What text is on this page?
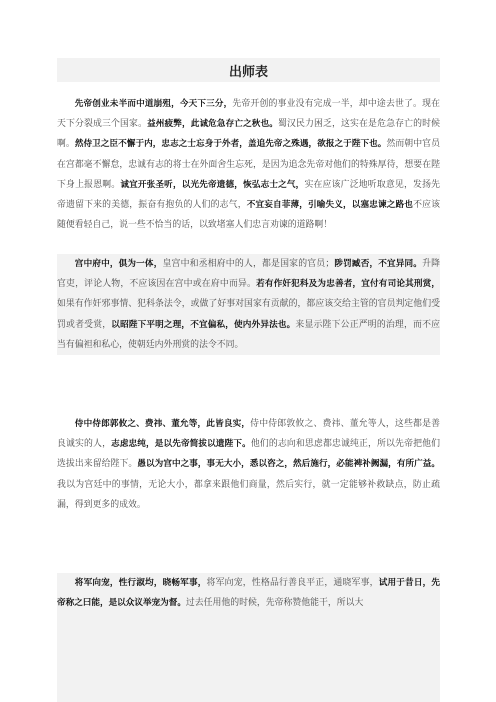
出师表

先帝创业未半而中道崩殂，今天下三分，先帝开创的事业没有完成一半，却中途去世了。现在天下分裂成三个国家。益州疲弊，此诚危急存亡之秋也。蜀汉民力困乏，这实在是危急存亡的时候啊。然侍卫之臣不懈于内，忠志之士忘身于外者，盖追先帝之殊遇，欲报之于陛下也。然而朝中官员在宫都毫不懈怠，忠诚有志的将士在外面舍生忘死，是因为追念先帝对他们的特殊厚待，想要在陛下身上报恩啊。诚宜开张圣听，以光先帝遗德，恢弘志士之气，实在应该广泛地听取意见，发扬先帝遗留下来的美德，振奋有抱负的人们的志气，不宜妄自菲薄，引喻失义，以塞忠谏之路也不应该随便看轻自己，说一些不恰当的话，以致堵塞人们忠言劝谏的道路啊！

宫中府中，俱为一体，皇宫中和丞相府中的人，都是国家的官员；陟罚臧否，不宜异同。升降官吏，评论人物，不应该因在宫中或在府中而异。若有作奸犯科及为忠善者，宜付有司论其刑赏，如果有作奸邪事情、犯科条法令，或做了好事对国家有贡献的，都应该交给主管的官员判定他们受罚或者受赏，以昭陛下平明之理，不宜偏私，使内外异法也。来显示陛下公正严明的治理，而不应当有偏袒和私心，使朝廷内外刑赏的法令不同。

侍中侍郎郭攸之、费祎、董允等，此皆良实，侍中侍郎敦攸之、费祎、董允等人，这些都是善良诚实的人，志虑忠纯，是以先帝简拔以遗陛下。他们的志向和思虑都忠诚纯正，所以先帝把他们选拔出来留给陛下。愚以为宫中之事，事无大小，悉以咨之，然后施行，必能裨补阙漏，有所广益。我以为宫廷中的事情，无论大小，都拿来跟他们商量，然后实行，就一定能够补救缺点，防止疏漏，得到更多的成效。

将军向宠，性行淑均，晓畅军事，将军向宠，性格品行善良平正，通晓军事，试用于昔日，先帝称之曰能，是以众议举宠为督。过去任用他的时候，先帝称赞他能干，所以大
